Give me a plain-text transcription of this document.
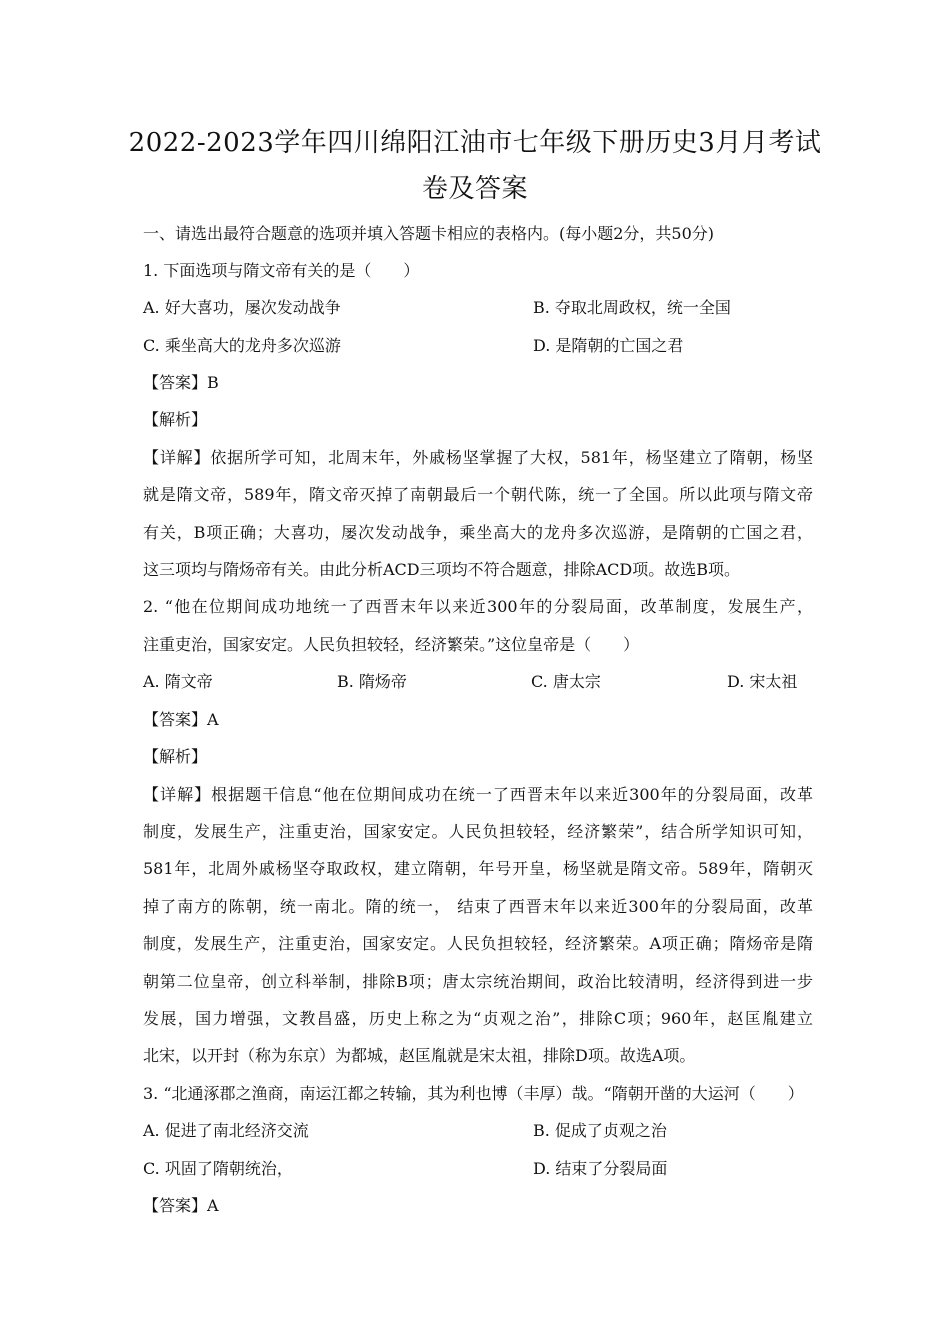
2022-2023学年四川绵阳江油市七年级下册历史3月月考试
卷及答案
一、请选出最符合题意的选项并填入答题卡相应的表格内。(每小题2分，共50分)
1. 下面选项与隋文帝有关的是（　　）
A. 好大喜功，屡次发动战争	B. 夺取北周政权，统一全国
C. 乘坐高大的龙舟多次巡游	D. 是隋朝的亡国之君
【答案】B
【解析】
【详解】依据所学可知，北周末年，外戚杨坚掌握了大权，581年，杨坚建立了隋朝，杨坚
就是隋文帝，589年，隋文帝灭掉了南朝最后一个朝代陈，统一了全国。所以此项与隋文帝
有关，B项正确；大喜功，屡次发动战争，乘坐高大的龙舟多次巡游，是隋朝的亡国之君，
这三项均与隋炀帝有关。由此分析ACD三项均不符合题意，排除ACD项。故选B项。
2. “他在位期间成功地统一了西晋末年以来近300年的分裂局面，改革制度，发展生产，
注重吏治，国家安定。人民负担较轻，经济繁荣。”这位皇帝是（　　）
A. 隋文帝	B. 隋炀帝	C. 唐太宗	D. 宋太祖
【答案】A
【解析】
【详解】根据题干信息“他在位期间成功在统一了西晋末年以来近300年的分裂局面，改革
制度，发展生产，注重吏治，国家安定。人民负担较轻，经济繁荣”，结合所学知识可知，
581年，北周外戚杨坚夺取政权，建立隋朝，年号开皇，杨坚就是隋文帝。589年，隋朝灭
掉了南方的陈朝，统一南北。隋的统一， 结束了西晋末年以来近300年的分裂局面，改革
制度，发展生产，注重吏治，国家安定。人民负担较轻，经济繁荣。A项正确；隋炀帝是隋
朝第二位皇帝，创立科举制，排除B项；唐太宗统治期间，政治比较清明，经济得到进一步
发展，国力增强，文教昌盛，历史上称之为“贞观之治”，排除C项；960年，赵匡胤建立
北宋，以开封（称为东京）为都城，赵匡胤就是宋太祖，排除D项。故选A项。
3. “北通涿郡之渔商，南运江都之转输，其为利也博（丰厚）哉。“隋朝开凿的大运河（　　）
A. 促进了南北经济交流	B. 促成了贞观之治
C. 巩固了隋朝统治，	D. 结束了分裂局面
【答案】A
